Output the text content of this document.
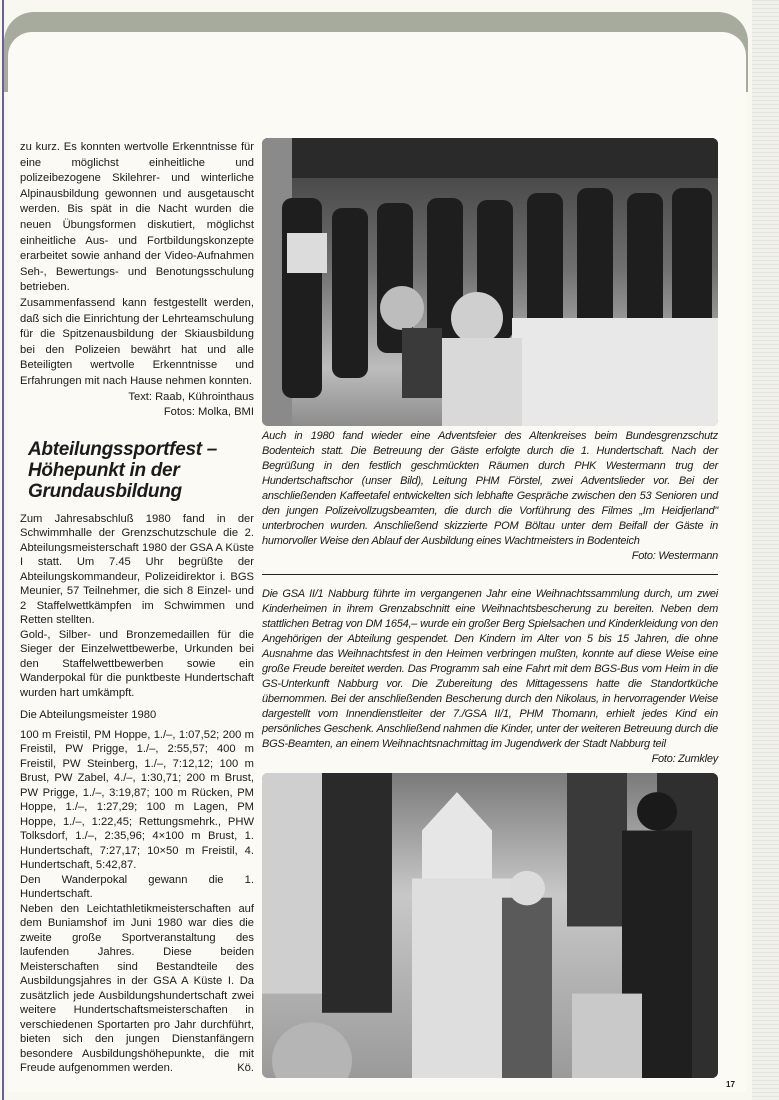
zu kurz. Es konnten wertvolle Erkenntnisse für eine möglichst einheitliche und polizeibezogene Skilehrer- und winterliche Alpinausbildung gewonnen und ausgetauscht werden. Bis spät in die Nacht wurden die neuen Übungsformen diskutiert, möglichst einheitliche Aus- und Fortbildungskonzepte erarbeitet sowie anhand der Video-Aufnahmen Seh-, Bewertungs- und Benotungsschulung betrieben.

Zusammenfassend kann festgestellt werden, daß sich die Einrichtung der Lehrteamschulung für die Spitzenausbildung der Skiausbildung bei den Polizeien bewährt hat und alle Beteiligten wertvolle Erkenntnisse und Erfahrungen mit nach Hause nehmen konnten.

Text: Raab, Kührointhaus

Fotos: Molka, BMI

Abteilungssportfest –
Höhepunkt in der
Grundausbildung

Zum Jahresabschluß 1980 fand in der Schwimmhalle der Grenzschutzschule die 2. Abteilungsmeisterschaft 1980 der GSA A Küste I statt. Um 7.45 Uhr begrüßte der Abteilungskommandeur, Polizeidirektor i. BGS Meunier, 57 Teilnehmer, die sich 8 Einzel- und 2 Staffelwettkämpfen im Schwimmen und Retten stellten.

Gold-, Silber- und Bronzemedaillen für die Sieger der Einzelwettbewerbe, Urkunden bei den Staffelwettbewerben sowie ein Wanderpokal für die punktbeste Hundertschaft wurden hart umkämpft.

Die Abteilungsmeister 1980

100 m Freistil, PM Hoppe, 1./–, 1:07,52; 200 m Freistil, PW Prigge, 1./–, 2:55,57; 400 m Freistil, PW Steinberg, 1./–, 7:12,12; 100 m Brust, PW Zabel, 4./–, 1:30,71; 200 m Brust, PW Prigge, 1./–, 3:19,87; 100 m Rücken, PM Hoppe, 1./–, 1:27,29; 100 m Lagen, PM Hoppe, 1./–, 1:22,45; Rettungsmehrk., PHW Tolksdorf, 1./–, 2:35,96; 4×100 m Brust, 1. Hundertschaft, 7:27,17; 10×50 m Freistil, 4. Hundertschaft, 5:42,87.

Den Wanderpokal gewann die 1. Hundertschaft.

Neben den Leichtathletikmeisterschaften auf dem Buniamshof im Juni 1980 war dies die zweite große Sportveranstaltung des laufenden Jahres. Diese beiden Meisterschaften sind Bestandteile des Ausbildungsjahres in der GSA A Küste I. Da zusätzlich jede Ausbildungshundertschaft zwei weitere Hundertschaftsmeisterschaften in verschiedenen Sportarten pro Jahr durchführt, bieten sich den jungen Dienstanfängern besondere Ausbildungshöhepunkte, die mit Freude aufgenommen werden.	Kö.

Auch in 1980 fand wieder eine Adventsfeier des Altenkreises beim Bundesgrenzschutz Bodenteich statt. Die Betreuung der Gäste erfolgte durch die 1. Hundertschaft. Nach der Begrüßung in den festlich geschmückten Räumen durch PHK Westermann trug der Hundertschaftschor (unser Bild), Leitung PHM Förstel, zwei Adventslieder vor. Bei der anschließenden Kaffeetafel entwickelten sich lebhafte Gespräche zwischen den 53 Senioren und den jungen Polizeivollzugsbeamten, die durch die Vorführung des Filmes „Im Heidjerland" unterbrochen wurden. Anschließend skizzierte POM Böltau unter dem Beifall der Gäste in humorvoller Weise den Ablauf der Ausbildung eines Wachtmeisters in Bodenteich
Foto: Westermann

Die GSA II/1 Nabburg führte im vergangenen Jahr eine Weihnachtssammlung durch, um zwei Kinderheimen in ihrem Grenzabschnitt eine Weihnachtsbescherung zu bereiten. Neben dem stattlichen Betrag von DM 1654,– wurde ein großer Berg Spielsachen und Kinderkleidung von den Angehörigen der Abteilung gespendet. Den Kindern im Alter von 5 bis 15 Jahren, die ohne Ausnahme das Weihnachtsfest in den Heimen verbringen mußten, konnte auf diese Weise eine große Freude bereitet werden. Das Programm sah eine Fahrt mit dem BGS-Bus vom Heim in die GS-Unterkunft Nabburg vor. Die Zubereitung des Mittagessens hatte die Standortküche übernommen. Bei der anschließenden Bescherung durch den Nikolaus, in hervorragender Weise dargestellt vom Innendienstleiter der 7./GSA II/1, PHM Thomann, erhielt jedes Kind ein persönliches Geschenk. Anschließend nahmen die Kinder, unter der weiteren Betreuung durch die BGS-Beamten, an einem Weihnachtsnachmittag im Jugendwerk der Stadt Nabburg teil
Foto: Zumkley

17
